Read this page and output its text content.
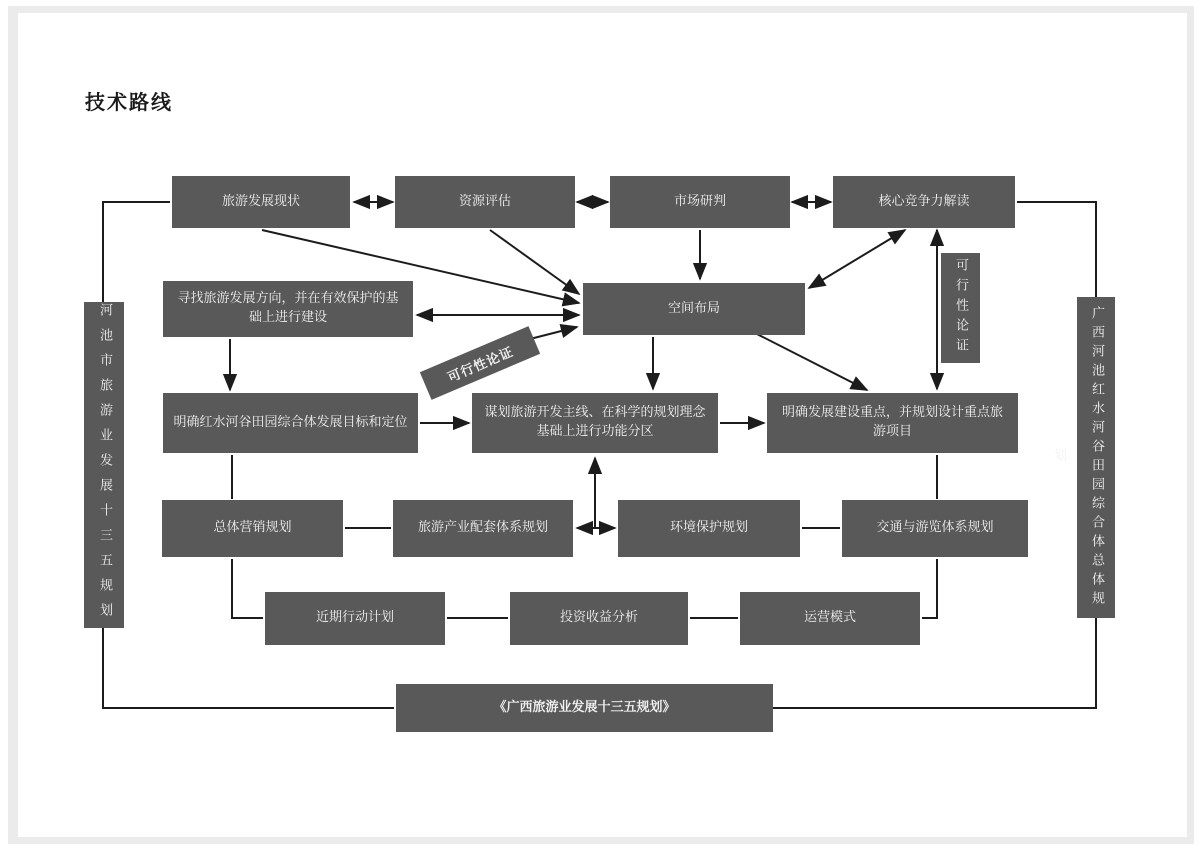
技术路线
旅游发展现状	资源评估	市场研判	核心竞争力解读
寻找旅游发展方向，并在有效保护的基础上进行建设
空间布局
可行性论证
可行性论证
明确红水河谷田园综合体发展目标和定位
谋划旅游开发主线、在科学的规划理念基础上进行功能分区
明确发展建设重点，并规划设计重点旅游项目
总体营销规划	旅游产业配套体系规划	环境保护规划	交通与游览体系规划
近期行动计划	投资收益分析	运营模式
《广西旅游业发展十三五规划》
河池市旅游业发展十三五规划	广西河池红水河谷田园综合体总体规划
